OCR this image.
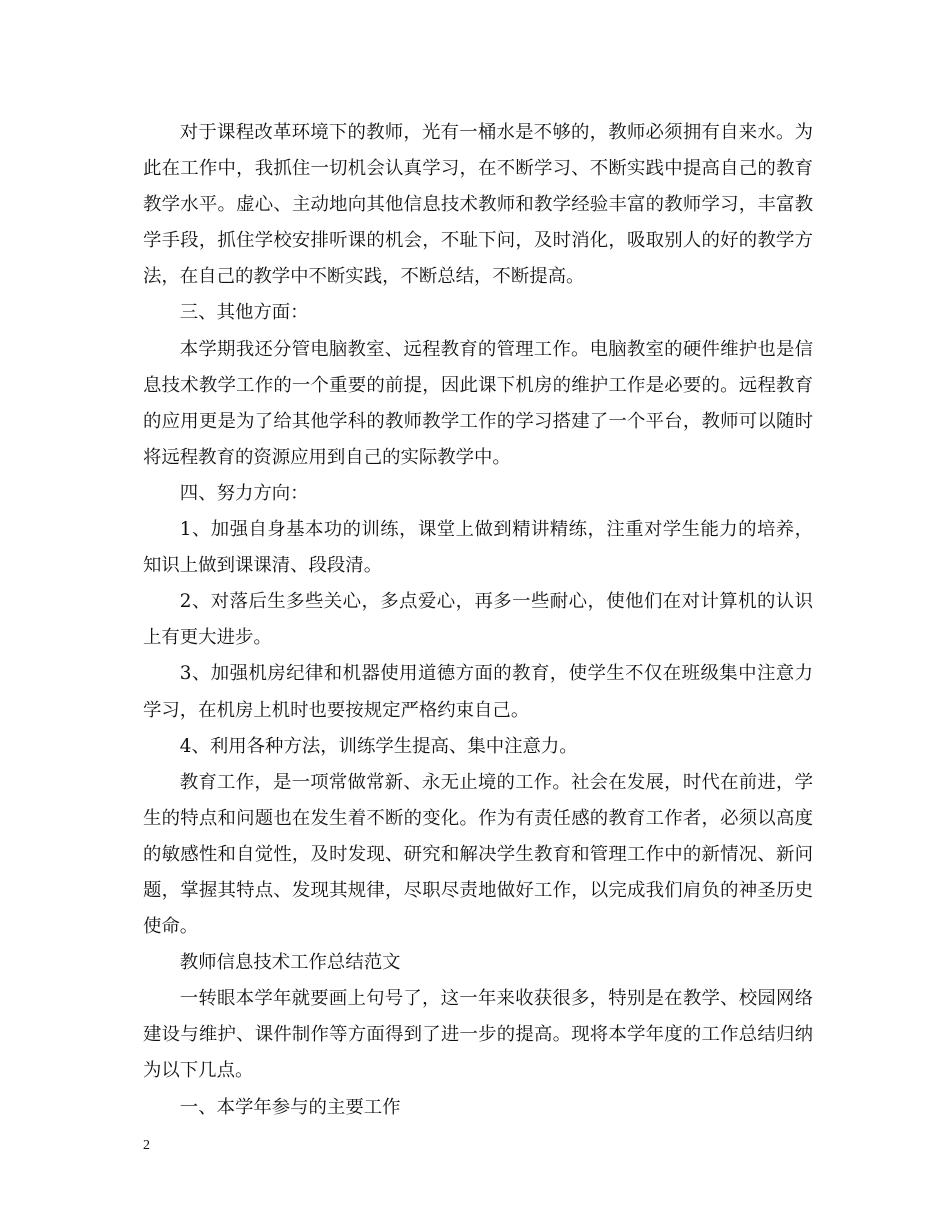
对于课程改革环境下的教师，光有一桶水是不够的，教师必须拥有自来水。为此在工作中，我抓住一切机会认真学习，在不断学习、不断实践中提高自己的教育教学水平。虚心、主动地向其他信息技术教师和教学经验丰富的教师学习，丰富教学手段，抓住学校安排听课的机会，不耻下问，及时消化，吸取别人的好的教学方法，在自己的教学中不断实践，不断总结，不断提高。

三、其他方面：

本学期我还分管电脑教室、远程教育的管理工作。电脑教室的硬件维护也是信息技术教学工作的一个重要的前提，因此课下机房的维护工作是必要的。远程教育的应用更是为了给其他学科的教师教学工作的学习搭建了一个平台，教师可以随时将远程教育的资源应用到自己的实际教学中。

四、努力方向：

1、加强自身基本功的训练，课堂上做到精讲精练，注重对学生能力的培养，知识上做到课课清、段段清。

2、对落后生多些关心，多点爱心，再多一些耐心，使他们在对计算机的认识上有更大进步。

3、加强机房纪律和机器使用道德方面的教育，使学生不仅在班级集中注意力学习，在机房上机时也要按规定严格约束自己。

4、利用各种方法，训练学生提高、集中注意力。

教育工作，是一项常做常新、永无止境的工作。社会在发展，时代在前进，学生的特点和问题也在发生着不断的变化。作为有责任感的教育工作者，必须以高度的敏感性和自觉性，及时发现、研究和解决学生教育和管理工作中的新情况、新问题，掌握其特点、发现其规律，尽职尽责地做好工作，以完成我们肩负的神圣历史使命。

教师信息技术工作总结范文

一转眼本学年就要画上句号了，这一年来收获很多，特别是在教学、校园网络建设与维护、课件制作等方面得到了进一步的提高。现将本学年度的工作总结归纳为以下几点。

一、本学年参与的主要工作

2
